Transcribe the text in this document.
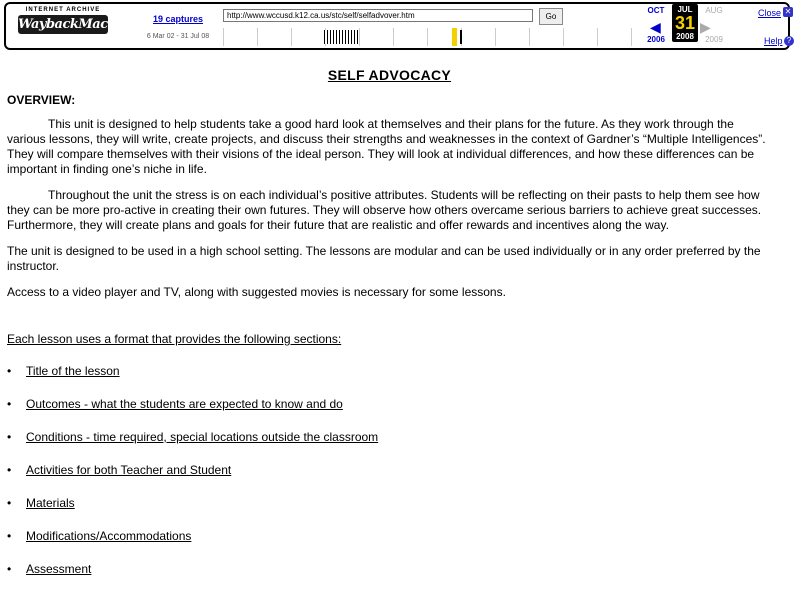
INTERNET ARCHIVE
WaybackMachine	19 captures
6 Mar 02 - 31 Jul 08
http://www.wccusd.k12.ca.us/stc/self/selfadvover.htm
Go
OCT
2006
◀
JUL
31
2008
▶
AUG
2009
Close ✕
Help ?
SELF ADVOCACY
OVERVIEW:

This unit is designed to help students take a good hard look at themselves and their plans for the future. As they work through the various lessons, they will write, create projects, and discuss their strengths and weaknesses in the context of Gardner’s “Multiple Intelligences”. They will compare themselves with their visions of the ideal person. They will look at individual differences, and how these differences can be important in finding one’s niche in life.

Throughout the unit the stress is on each individual’s positive attributes. Students will be reflecting on their pasts to help them see how they can be more pro-active in creating their own futures. They will observe how others overcame serious barriers to achieve great successes. Furthermore, they will create plans and goals for their future that are realistic and offer rewards and incentives along the way.

The unit is designed to be used in a high school setting. The lessons are modular and can be used individually or in any order preferred by the instructor.

Access to a video player and TV, along with suggested movies is necessary for some lessons.

Each lesson uses a format that provides the following sections:
• Title of the lesson
• Outcomes - what the students are expected to know and do
• Conditions - time required, special locations outside the classroom
• Activities for both Teacher and Student
• Materials
• Modifications/Accommodations
• Assessment
